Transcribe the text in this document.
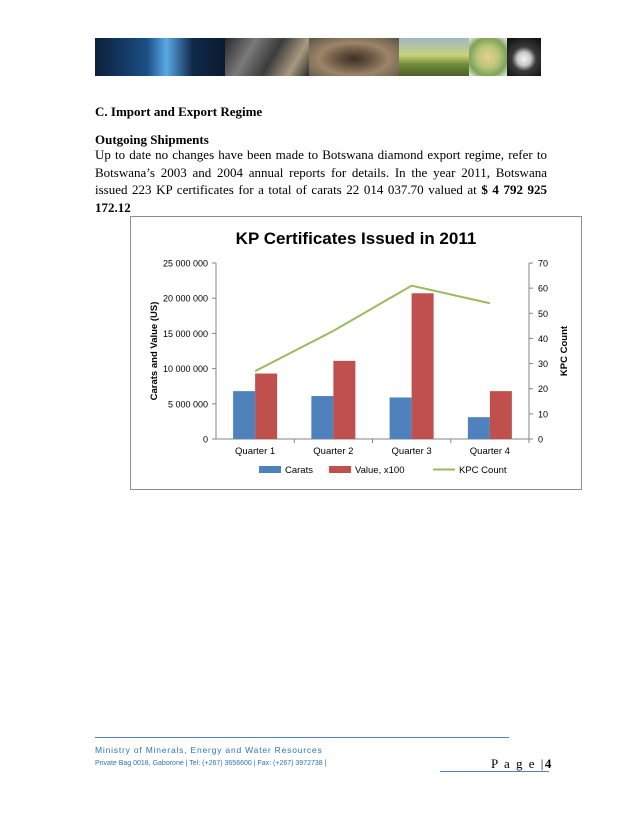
C. Import and Export Regime
Outgoing Shipments
Up to date no changes have been made to Botswana diamond export regime, refer to Botswana’s 2003 and 2004 annual reports for details. In the year 2011, Botswana issued 223 KP certificates for a total of carats 22 014 037.70 valued at $ 4 792 925 172.12
KP Certificates Issued in 2011
0
5 000 000
10 000 000
15 000 000
20 000 000
25 000 000
0
10
20
30
40
50
60
70
Carats and Value (US)	KPC Count
Quarter 1	Quarter 2	Quarter 3	Quarter 4
Carats	Value, x100	KPC Count
Ministry of Minerals, Energy and Water Resources
Private Bag 0018, Gaborone | Tel: (+267) 3656600 | Fax: (+267) 3972738 |	P a g e |4
